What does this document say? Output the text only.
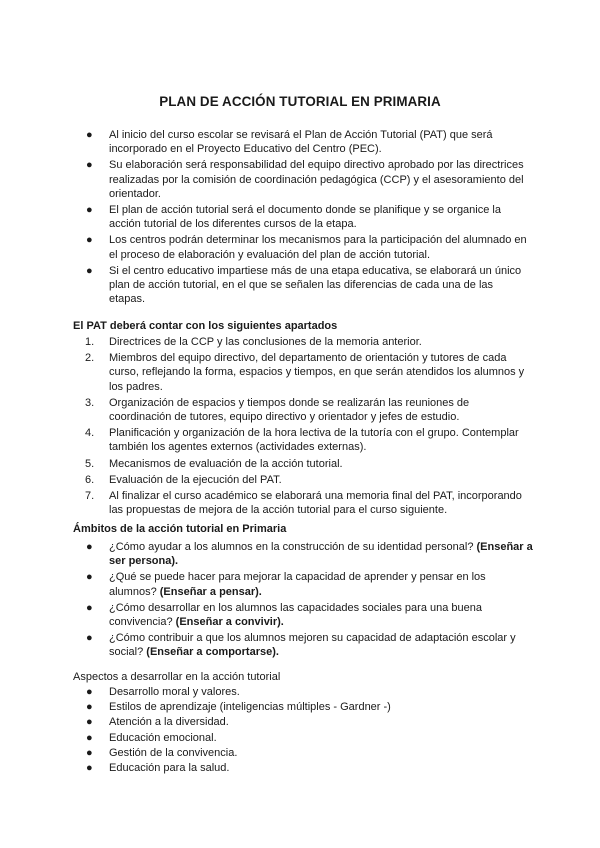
PLAN DE ACCIÓN TUTORIAL EN PRIMARIA
● Al inicio del curso escolar se revisará el Plan de Acción Tutorial (PAT) que será incorporado en el Proyecto Educativo del Centro (PEC).
● Su elaboración será responsabilidad del equipo directivo aprobado por las directrices realizadas por la comisión de coordinación pedagógica (CCP) y el asesoramiento del orientador.
● El plan de acción tutorial será el documento donde se planifique y se organice la acción tutorial de los diferentes cursos de la etapa.
● Los centros podrán determinar los mecanismos para la participación del alumnado en el proceso de elaboración y evaluación del plan de acción tutorial.
● Si el centro educativo impartiese más de una etapa educativa, se elaborará un único plan de acción tutorial, en el que se señalen las diferencias de cada una de las etapas.
El PAT deberá contar con los siguientes apartados
1. Directrices de la CCP y las conclusiones de la memoria anterior.
2. Miembros del equipo directivo, del departamento de orientación y tutores de cada curso, reflejando la forma, espacios y tiempos, en que serán atendidos los alumnos y los padres.
3. Organización de espacios y tiempos donde se realizarán las reuniones de coordinación de tutores, equipo directivo y orientador y jefes de estudio.
4. Planificación y organización de la hora lectiva de la tutoría con el grupo. Contemplar también los agentes externos (actividades externas).
5. Mecanismos de evaluación de la acción tutorial.
6. Evaluación de la ejecución del PAT.
7. Al finalizar el curso académico se elaborará una memoria final del PAT, incorporando las propuestas de mejora de la acción tutorial para el curso siguiente.
Ámbitos de la acción tutorial en Primaria
● ¿Cómo ayudar a los alumnos en la construcción de su identidad personal? (Enseñar a ser persona).
● ¿Qué se puede hacer para mejorar la capacidad de aprender y pensar en los alumnos? (Enseñar a pensar).
● ¿Cómo desarrollar en los alumnos las capacidades sociales para una buena convivencia? (Enseñar a convivir).
● ¿Cómo contribuir a que los alumnos mejoren su capacidad de adaptación escolar y social? (Enseñar a comportarse).
Aspectos a desarrollar en la acción tutorial
● Desarrollo moral y valores.
● Estilos de aprendizaje (inteligencias múltiples - Gardner -)
● Atención a la diversidad.
● Educación emocional.
● Gestión de la convivencia.
● Educación para la salud.
